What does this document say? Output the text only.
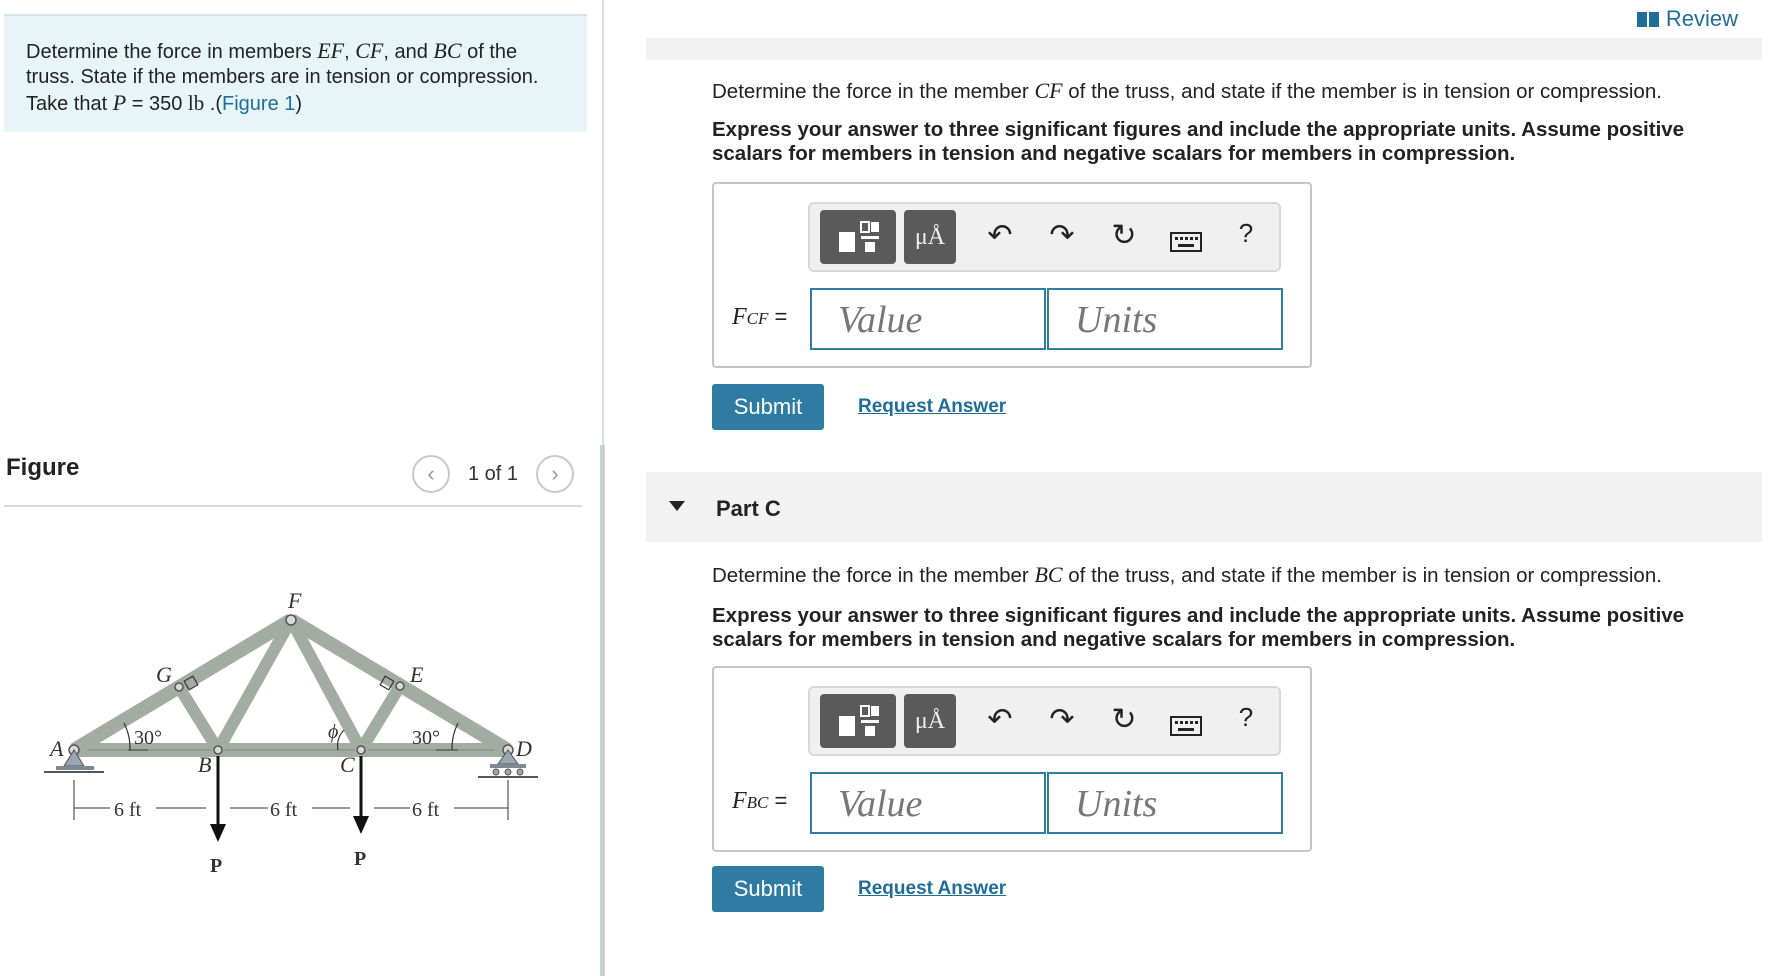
Determine the force in members EF, CF, and BC of the truss. State if the members are in tension or compression. Take that P = 350 lb .(Figure 1)
Figure	‹ 1 of 1 ›
A
B	C
D
E
F
G
ϕ
30°	30°
6 ft	6 ft	6 ft
P	P
Review
Determine the force in the member CF of the truss, and state if the member is in tension or compression.
Express your answer to three significant figures and include the appropriate units. Assume positive scalars for members in tension and negative scalars for members in compression.
μÅ	↶ ↷ ↻	?
FCF =	Value	Units
Submit	Request Answer
Part C
Determine the force in the member BC of the truss, and state if the member is in tension or compression.
Express your answer to three significant figures and include the appropriate units. Assume positive scalars for members in tension and negative scalars for members in compression.
μÅ	↶ ↷ ↻	?
FBC =	Value	Units
Submit	Request Answer
